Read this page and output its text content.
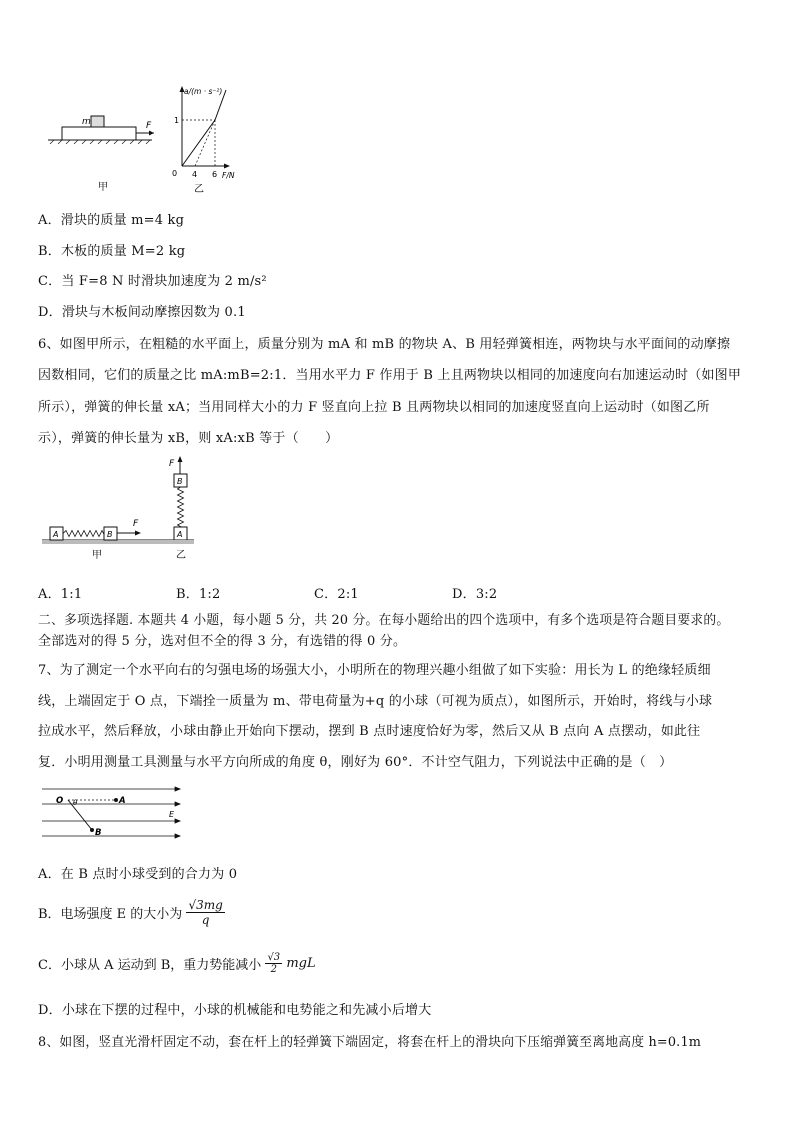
m	F
甲
a/(m · s⁻²)
F/N
0
1
4 6
乙
A．滑块的质量 m=4 kg
B．木板的质量 M=2 kg
C．当 F=8 N 时滑块加速度为 2 m/s²
D．滑块与木板间动摩擦因数为 0.1
6、如图甲所示，在粗糙的水平面上，质量分别为 mA 和 mB 的物块 A、B 用轻弹簧相连，两物块与水平面间的动摩擦
因数相同，它们的质量之比 mA:mB=2:1．当用水平力 F 作用于 B 上且两物块以相同的加速度向右加速运动时（如图甲
所示），弹簧的伸长量 xA；当用同样大小的力 F 竖直向上拉 B 且两物块以相同的加速度竖直向上运动时（如图乙所
示），弹簧的伸长量为 xB，则 xA:xB 等于（　　）
A	B
F
甲
F
B
A
乙
A．1:1	B．1:2	C．2:1	D．3:2
二、多项选择题. 本题共 4 小题，每小题 5 分，共 20 分。在每小题给出的四个选项中，有多个选项是符合题目要求的。
全部选对的得 5 分，选对但不全的得 3 分，有选错的得 0 分。
7、为了测定一个水平向右的匀强电场的场强大小，小明所在的物理兴趣小组做了如下实验：用长为 L 的绝缘轻质细
线，上端固定于 O 点，下端拴一质量为 m、带电荷量为+q 的小球（可视为质点），如图所示，开始时，将线与小球
拉成水平，然后释放，小球由静止开始向下摆动，摆到 B 点时速度恰好为零，然后又从 B 点向 A 点摆动，如此往
复．小明用测量工具测量与水平方向所成的角度 θ，刚好为 60°．不计空气阻力，下列说法中正确的是（　）
O θ	A
B
E
A．在 B 点时小球受到的合力为 0
B．电场强度 E 的大小为 $\frac{√3mg}{q}$
C．小球从 A 运动到 B，重力势能减小 $\frac{√3}{2}$ mgL
D．小球在下摆的过程中，小球的机械能和电势能之和先减小后增大
8、如图，竖直光滑杆固定不动，套在杆上的轻弹簧下端固定，将套在杆上的滑块向下压缩弹簧至离地高度 h=0.1m
